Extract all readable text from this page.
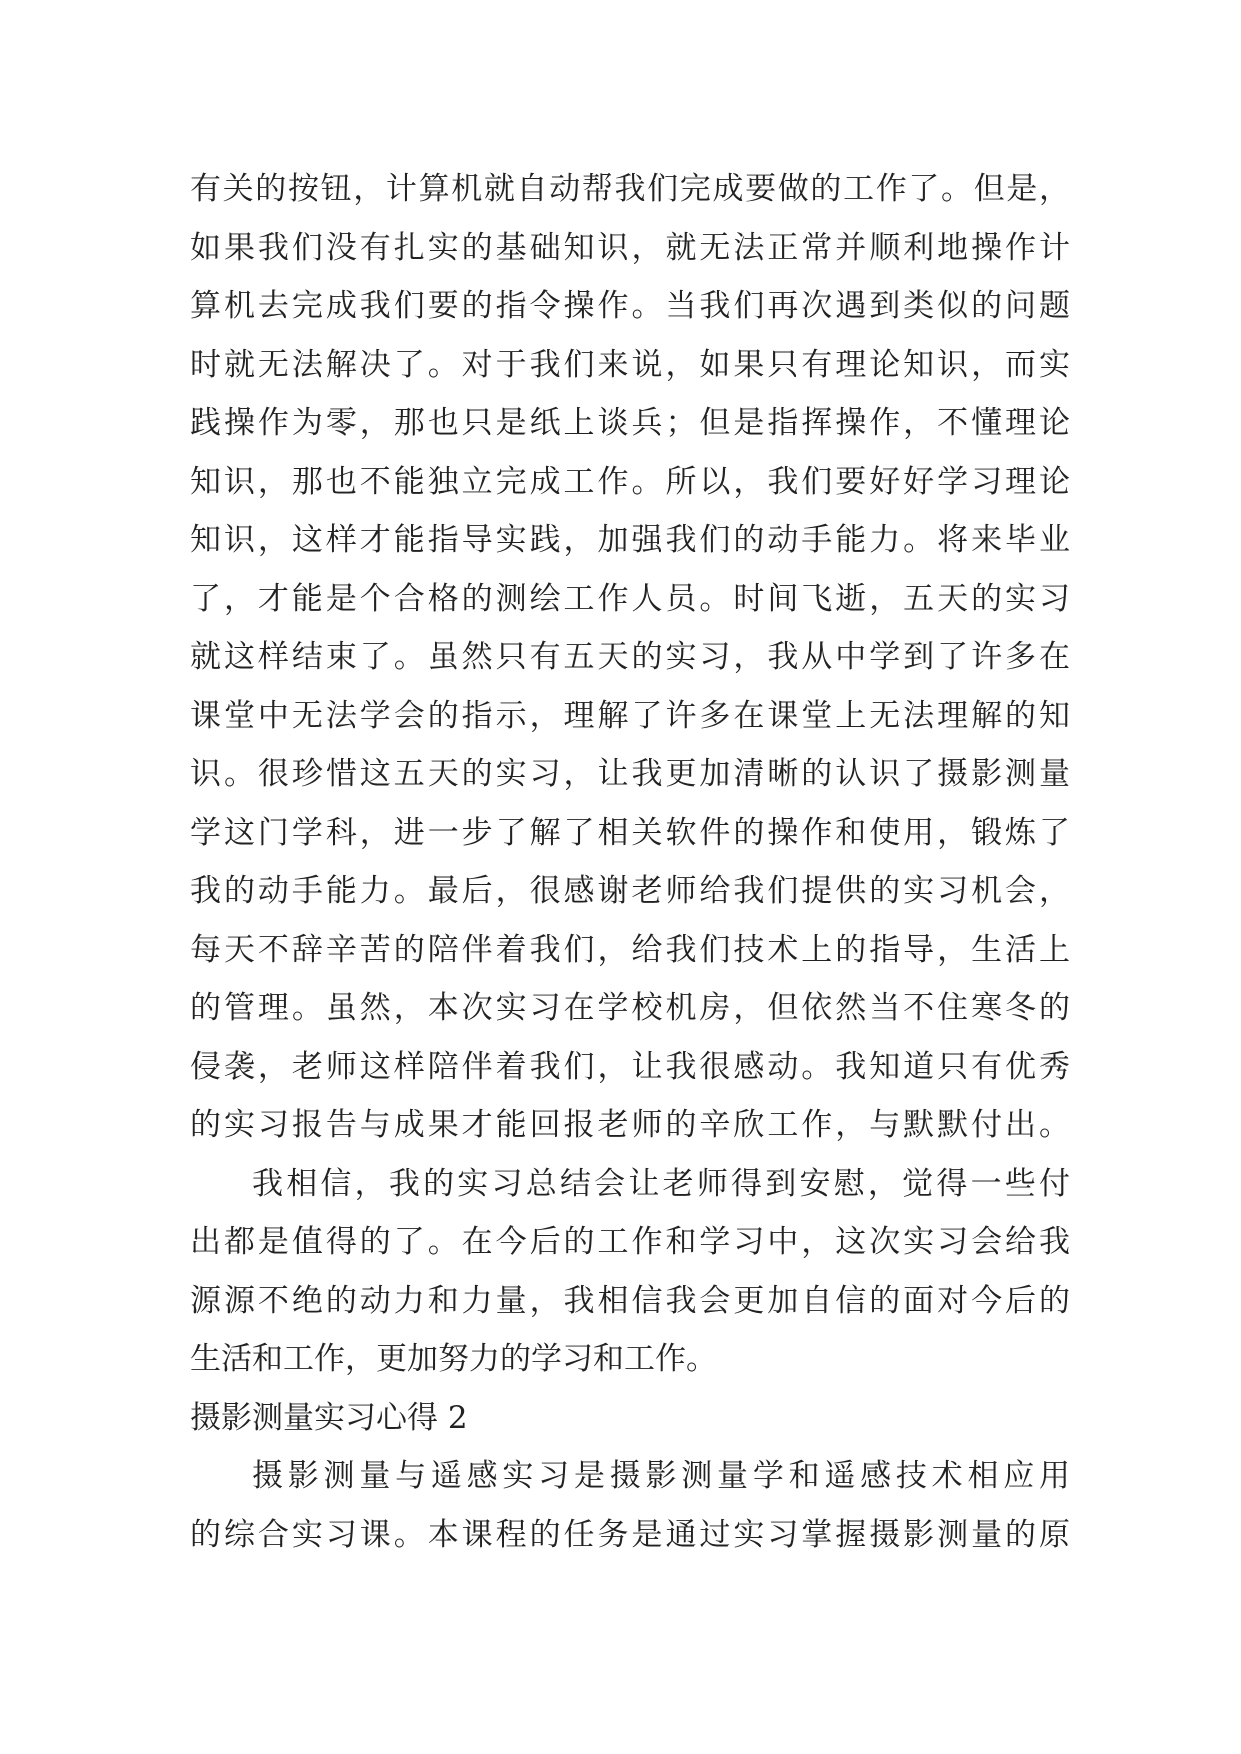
有关的按钮，计算机就自动帮我们完成要做的工作了。但是，
如果我们没有扎实的基础知识，就无法正常并顺利地操作计
算机去完成我们要的指令操作。当我们再次遇到类似的问题
时就无法解决了。对于我们来说，如果只有理论知识，而实
践操作为零，那也只是纸上谈兵；但是指挥操作，不懂理论
知识，那也不能独立完成工作。所以，我们要好好学习理论
知识，这样才能指导实践，加强我们的动手能力。将来毕业
了，才能是个合格的测绘工作人员。时间飞逝，五天的实习
就这样结束了。虽然只有五天的实习，我从中学到了许多在
课堂中无法学会的指示，理解了许多在课堂上无法理解的知
识。很珍惜这五天的实习，让我更加清晰的认识了摄影测量
学这门学科，进一步了解了相关软件的操作和使用，锻炼了
我的动手能力。最后，很感谢老师给我们提供的实习机会，
每天不辞辛苦的陪伴着我们，给我们技术上的指导，生活上
的管理。虽然，本次实习在学校机房，但依然当不住寒冬的
侵袭，老师这样陪伴着我们，让我很感动。我知道只有优秀
的实习报告与成果才能回报老师的辛欣工作，与默默付出。
我相信，我的实习总结会让老师得到安慰，觉得一些付
出都是值得的了。在今后的工作和学习中，这次实习会给我
源源不绝的动力和力量，我相信我会更加自信的面对今后的
生活和工作，更加努力的学习和工作。
摄影测量实习心得 2
摄影测量与遥感实习是摄影测量学和遥感技术相应用
的综合实习课。本课程的任务是通过实习掌握摄影测量的原
